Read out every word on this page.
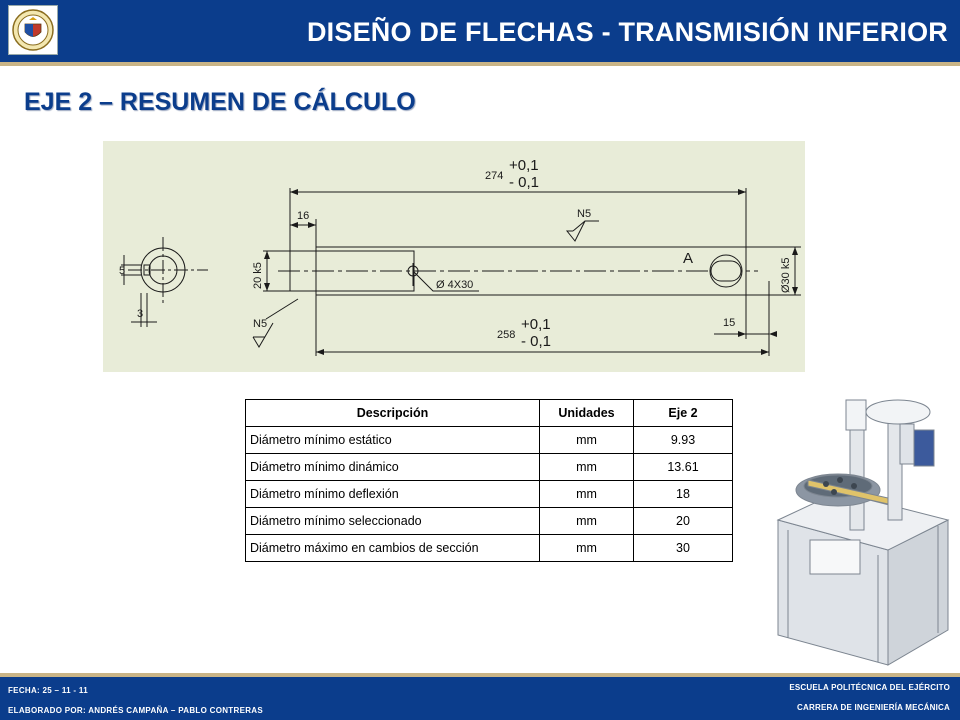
DISEÑO DE FLECHAS - TRANSMISIÓN INFERIOR
EJE 2 – RESUMEN DE CÁLCULO
274
+0,1
- 0,1
258
+0,1
- 0,1
16
15
Ø 4X30
N5
N5
A
5
3
20 k5	Ø30 k5
Descripción	Unidades	Eje 2
Diámetro mínimo estático	mm	9.93
Diámetro mínimo dinámico	mm	13.61
Diámetro mínimo deflexión	mm	18
Diámetro mínimo seleccionado	mm	20
Diámetro máximo en cambios de sección	mm	30
FECHA: 25 – 11 - 11
ELABORADO POR: ANDRÉS CAMPAÑA – PABLO CONTRERAS
ESCUELA POLITÉCNICA DEL EJÉRCITO
CARRERA DE INGENIERÍA MECÁNICA
